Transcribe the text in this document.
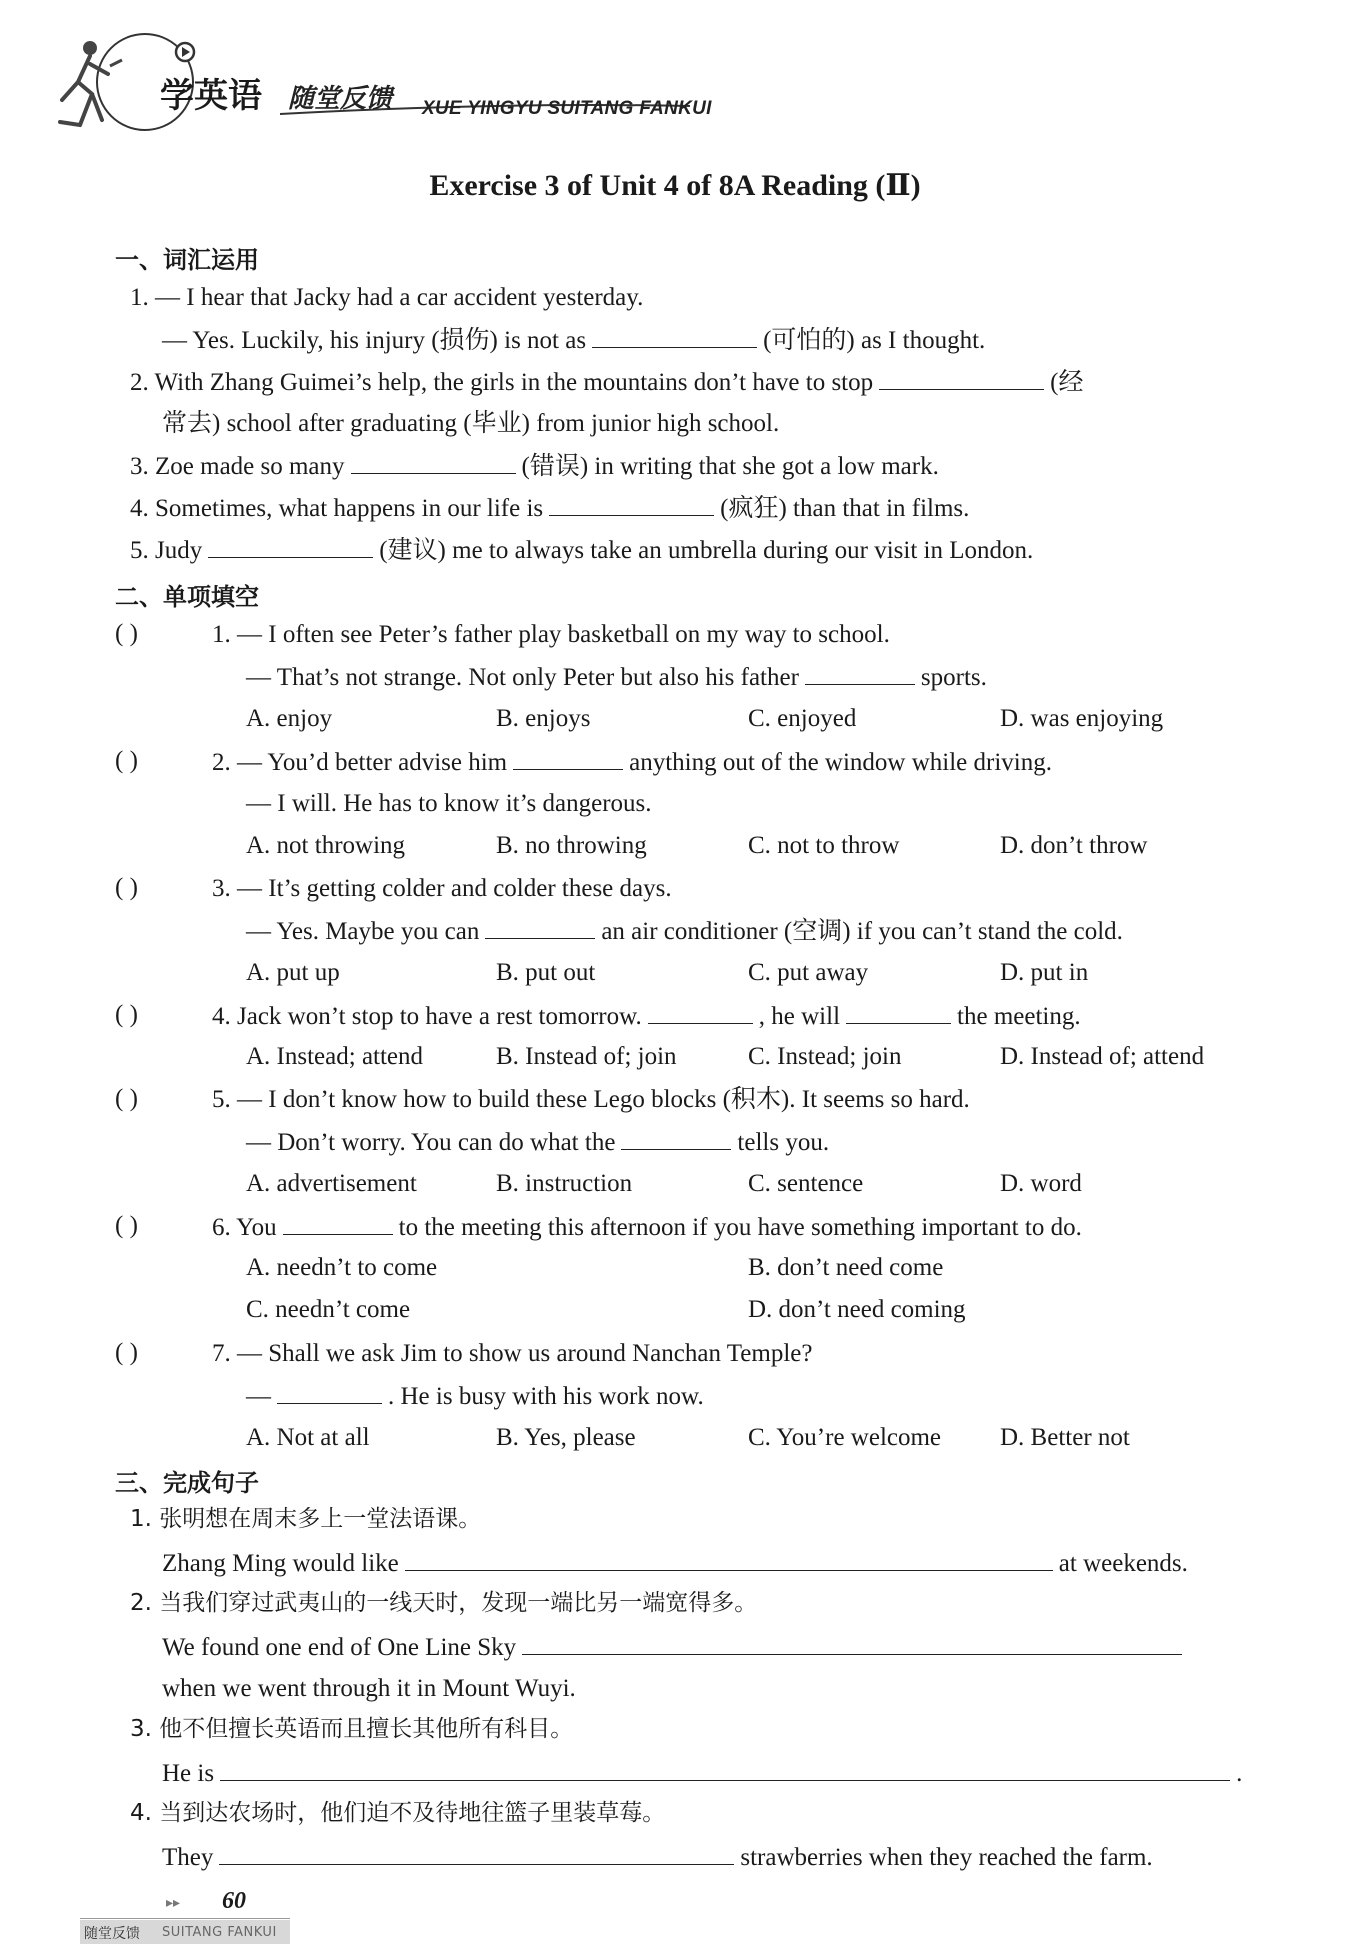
学英语 随堂反馈 XUE YINGYU SUITANG FANKUI
Exercise 3 of Unit 4 of 8A Reading (Ⅱ)
一、词汇运用
1. — I hear that Jacky had a car accident yesterday.
— Yes. Luckily, his injury (损伤) is not as	(可怕的) as I thought.
2. With Zhang Guimei’s help, the girls in the mountains don’t have to stop	(经
常去) school after graduating (毕业) from junior high school.
3. Zoe made so many	(错误) in writing that she got a low mark.
4. Sometimes, what happens in our life is	(疯狂) than that in films.
5. Judy	(建议) me to always take an umbrella during our visit in London.
二、单项填空
( )	1. — I often see Peter’s father play basketball on my way to school.
— That’s not strange. Not only Peter but also his father	sports.
A. enjoy	B. enjoys	C. enjoyed	D. was enjoying
( )	2. — You’d better advise him	anything out of the window while driving.
— I will. He has to know it’s dangerous.
A. not throwing	B. no throwing	C. not to throw	D. don’t throw
( )	3. — It’s getting colder and colder these days.
— Yes. Maybe you can	an air conditioner (空调) if you can’t stand the cold.
A. put up	B. put out	C. put away	D. put in
( )	4. Jack won’t stop to have a rest tomorrow.	, he will	the meeting.
A. Instead; attend	B. Instead of; join	C. Instead; join	D. Instead of; attend
( )	5. — I don’t know how to build these Lego blocks (积木). It seems so hard.
— Don’t worry. You can do what the	tells you.
A. advertisement	B. instruction	C. sentence	D. word
( )	6. You	to the meeting this afternoon if you have something important to do.
A. needn’t to come	B. don’t need come
C. needn’t come	D. don’t need coming
( )	7. — Shall we ask Jim to show us around Nanchan Temple?
—	. He is busy with his work now.
A. Not at all	B. Yes, please	C. You’re welcome D. Better not
三、完成句子
1. 张明想在周末多上一堂法语课。
Zhang Ming would like	at weekends.
2. 当我们穿过武夷山的一线天时，发现一端比另一端宽得多。
We found one end of One Line Sky
when we went through it in Mount Wuyi.
3. 他不但擅长英语而且擅长其他所有科目。
He is	.
4. 当到达农场时，他们迫不及待地往篮子里装草莓。
They	strawberries when they reached the farm.
▸▸ 60
随堂反馈 SUITANG FANKUI
